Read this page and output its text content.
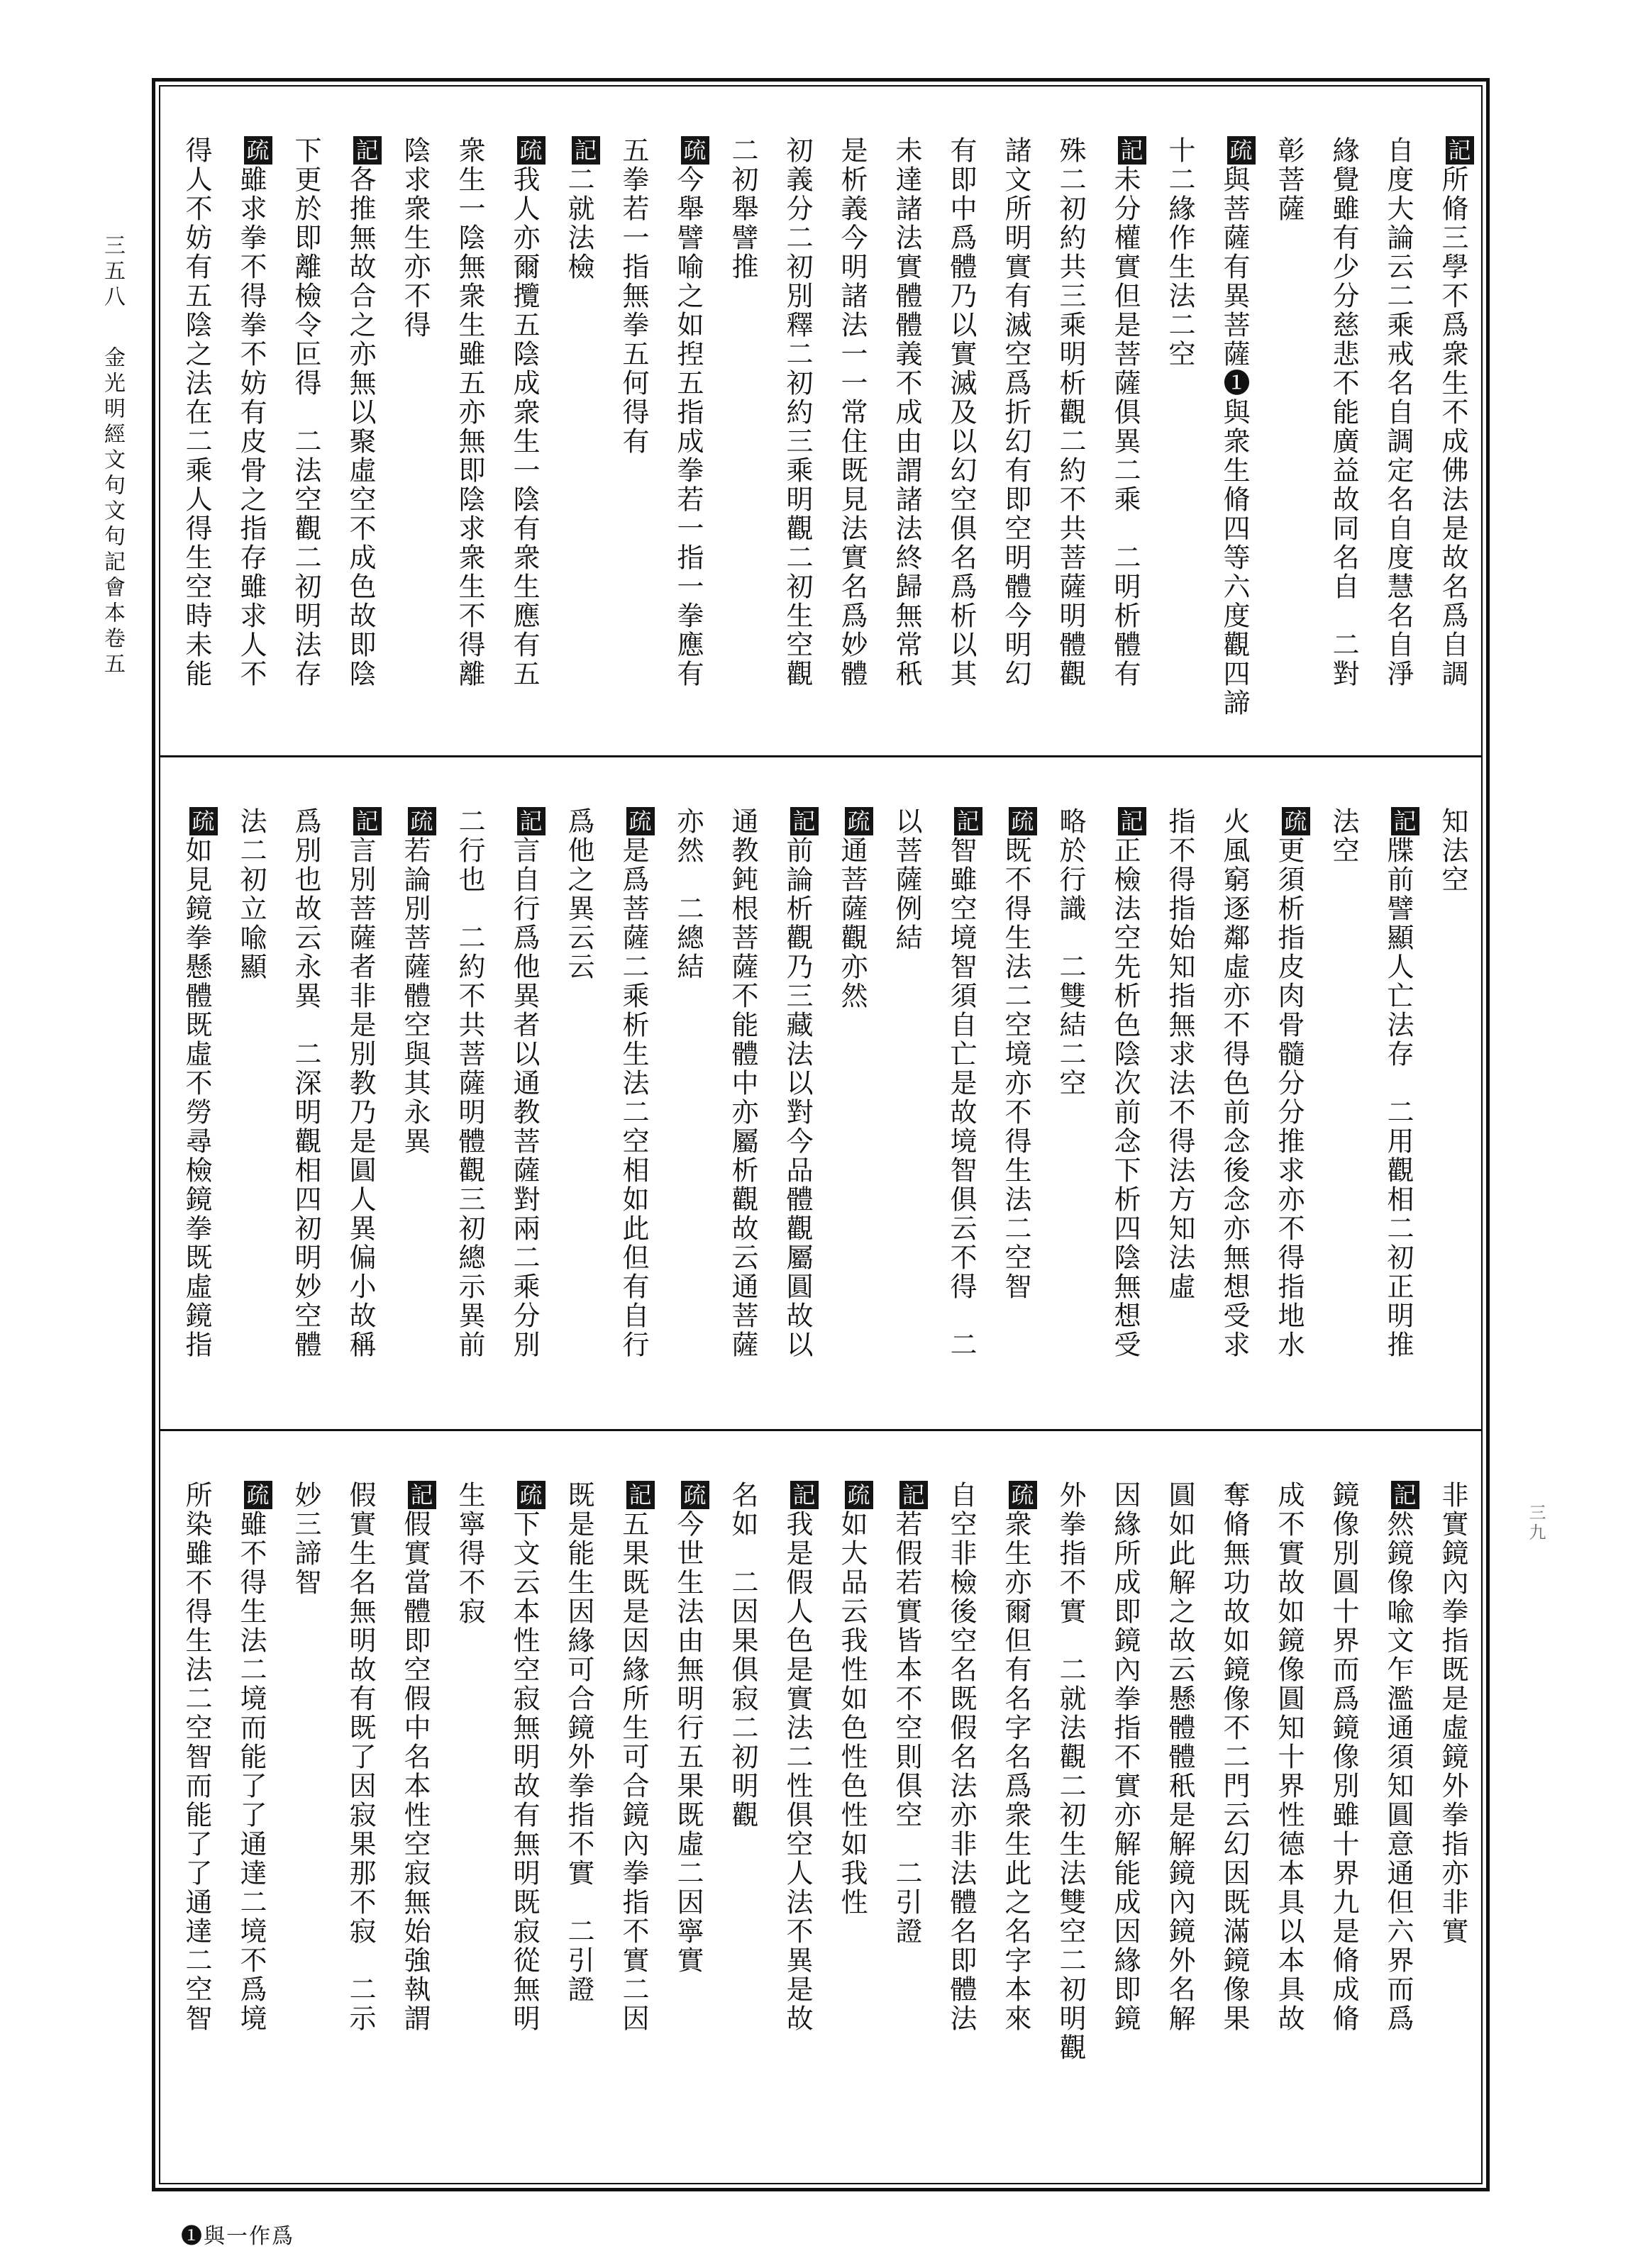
三五八金光明經文句文句記會本卷五
三九
記所脩三學不爲衆生不成佛法是故名爲自調
自度大論云二乘戒名自調定名自度慧名自淨
緣覺雖有少分慈悲不能廣益故同名自　二對
彰菩薩
疏與菩薩有異菩薩❶與衆生脩四等六度觀四諦
十二緣作生法二空
記未分權實但是菩薩俱異二乘　二明析體有
殊二初約共三乘明析觀二約不共菩薩明體觀
諸文所明實有滅空爲折幻有即空明體今明幻
有即中爲體乃以實滅及以幻空俱名爲析以其
未達諸法實體體義不成由謂諸法終歸無常秖
是析義今明諸法一一常住既見法實名爲妙體
初義分二初別釋二初約三乘明觀二初生空觀
二初舉譬推
疏今舉譬喻之如揑五指成拳若一指一拳應有
五拳若一指無拳五何得有
記二就法檢
疏我人亦爾攬五陰成衆生一陰有衆生應有五
衆生一陰無衆生雖五亦無即陰求衆生不得離
陰求衆生亦不得
記各推無故合之亦無以聚虛空不成色故即陰
下更於即離檢令叵得　二法空觀二初明法存
疏雖求拳不得拳不妨有皮骨之指存雖求人不
得人不妨有五陰之法在二乘人得生空時未能
知法空
記牒前譬顯人亡法存　二用觀相二初正明推
法空
疏更須析指皮肉骨髓分分推求亦不得指地水
火風窮逐鄰虛亦不得色前念後念亦無想受求
指不得指始知指無求法不得法方知法虛
記正檢法空先析色陰次前念下析四陰無想受
略於行識　二雙結二空
疏既不得生法二空境亦不得生法二空智
記智雖空境智須自亡是故境智俱云不得　二
以菩薩例結
疏通菩薩觀亦然
記前論析觀乃三藏法以對今品體觀屬圓故以
通教鈍根菩薩不能體中亦屬析觀故云通菩薩
亦然　二總結
疏是爲菩薩二乘析生法二空相如此但有自行
爲他之異云云
記言自行爲他異者以通教菩薩對兩二乘分別
二行也　二約不共菩薩明體觀三初總示異前
疏若論別菩薩體空與其永異
記言別菩薩者非是別教乃是圓人異偏小故稱
爲別也故云永異　二深明觀相四初明妙空體
法二初立喩顯
疏如見鏡拳懸體既虛不勞尋檢鏡拳既虛鏡指
非實鏡內拳指既是虛鏡外拳指亦非實
記然鏡像喩文乍濫通須知圓意通但六界而爲
鏡像別圓十界而爲鏡像別雖十界九是脩成脩
成不實故如鏡像圓知十界性德本具以本具故
奪脩無功故如鏡像不二門云幻因既滿鏡像果
圓如此解之故云懸體體秖是解鏡內鏡外名解
因緣所成即鏡內拳指不實亦解能成因緣即鏡
外拳指不實　二就法觀二初生法雙空二初明觀
疏衆生亦爾但有名字名爲衆生此之名字本來
自空非檢後空名既假名法亦非法體名即體法
記若假若實皆本不空則俱空　二引證
疏如大品云我性如色性色性如我性
記我是假人色是實法二性俱空人法不異是故
名如　二因果俱寂二初明觀
疏今世生法由無明行五果既虛二因寧實
記五果既是因緣所生可合鏡內拳指不實二因
既是能生因緣可合鏡外拳指不實　二引證
疏下文云本性空寂無明故有無明既寂從無明
生寧得不寂
記假實當體即空假中名本性空寂無始強執謂
假實生名無明故有既了因寂果那不寂　二示
妙三諦智
疏雖不得生法二境而能了了通達二境不爲境
所染雖不得生法二空智而能了了通達二空智
❶與一作爲
